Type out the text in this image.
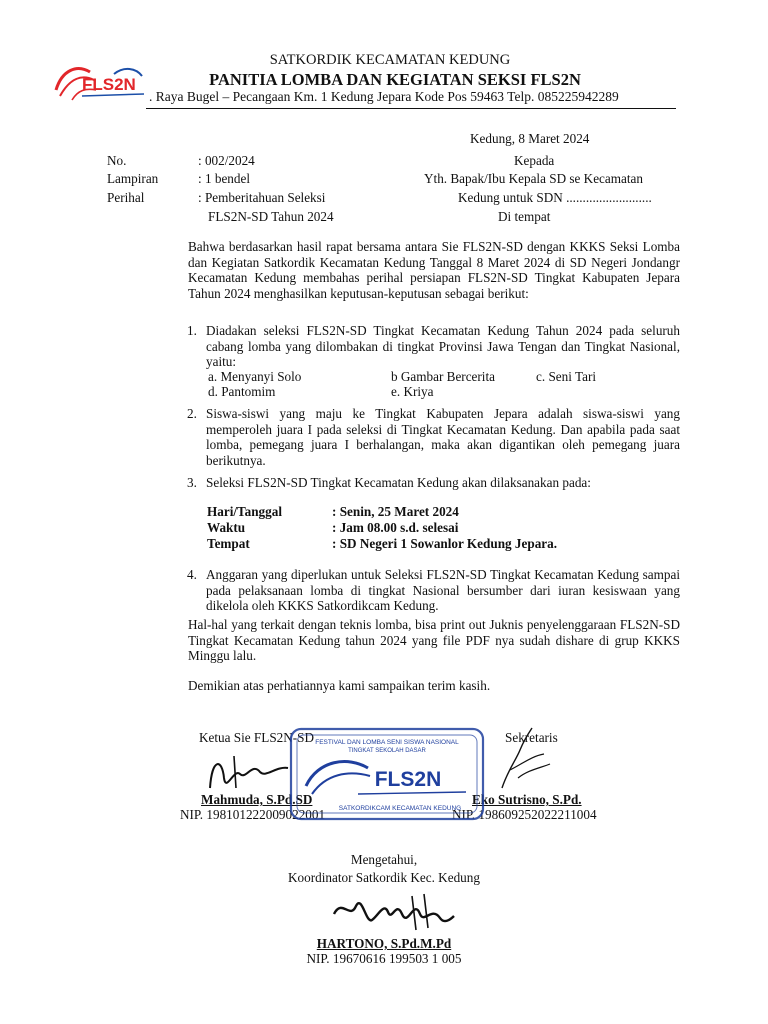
FLS2N
SATKORDIK KECAMATAN KEDUNG
PANITIA LOMBA DAN KEGIATAN SEKSI FLS2N
. Raya Bugel – Pecangaan Km. 1 Kedung Jepara Kode Pos 59463 Telp. 085225942289
Kedung, 8 Maret 2024
No.	: 002/2024
Lampiran	: 1 bendel
Perihal	: Pemberitahuan Seleksi
FLS2N-SD Tahun 2024
Kepada
Yth. Bapak/Ibu Kepala SD se Kecamatan
Kedung untuk SDN ..........................
Di tempat
Bahwa berdasarkan hasil rapat bersama antara Sie FLS2N-SD dengan KKKS Seksi Lomba dan Kegiatan Satkordik Kecamatan Kedung Tanggal 8 Maret 2024 di SD Negeri Jondangr Kecamatan Kedung membahas perihal persiapan FLS2N-SD Tingkat Kabupaten Jepara Tahun 2024 menghasilkan keputusan-keputusan sebagai berikut:
1. Diadakan seleksi FLS2N-SD Tingkat Kecamatan Kedung Tahun 2024 pada seluruh cabang lomba yang dilombakan di tingkat Provinsi Jawa Tengan dan Tingkat Nasional, yaitu:
a. Menyanyi Solo	b Gambar Bercerita	c. Seni Tari
d. Pantomim	e. Kriya
2. Siswa-siswi yang maju ke Tingkat Kabupaten Jepara adalah siswa-siswi yang memperoleh juara I pada seleksi di Tingkat Kecamatan Kedung. Dan apabila pada saat lomba, pemegang juara I berhalangan, maka akan digantikan oleh pemegang juara berikutnya.
3. Seleksi FLS2N-SD Tingkat Kecamatan Kedung akan dilaksanakan pada:
Hari/Tanggal	: Senin, 25 Maret 2024
Waktu	: Jam 08.00 s.d. selesai
Tempat	: SD Negeri 1 Sowanlor Kedung Jepara.
4. Anggaran yang diperlukan untuk Seleksi FLS2N-SD Tingkat Kecamatan Kedung sampai pada pelaksanaan lomba di tingkat Nasional bersumber dari iuran kesiswaan yang dikelola oleh KKKS Satkordikcam Kedung.
Hal-hal yang terkait dengan teknis lomba, bisa print out Juknis penyelenggaraan FLS2N-SD Tingkat Kecamatan Kedung tahun 2024 yang file PDF nya sudah dishare di grup KKKS Minggu lalu.
Demikian atas perhatiannya kami sampaikan terim kasih.
Ketua Sie FLS2N-SD
Mahmuda, S.Pd.SD
NIP. 198101222009022001
Sekretaris
Eko Sutrisno, S.Pd.
NIP. 198609252022211004
FESTIVAL DAN LOMBA SENI SISWA NASIONAL
TINGKAT SEKOLAH DASAR
FLS2N
SATKORDIKCAM KECAMATAN KEDUNG
Mengetahui,
Koordinator Satkordik Kec. Kedung
HARTONO, S.Pd.M.Pd
NIP. 19670616 199503 1 005
